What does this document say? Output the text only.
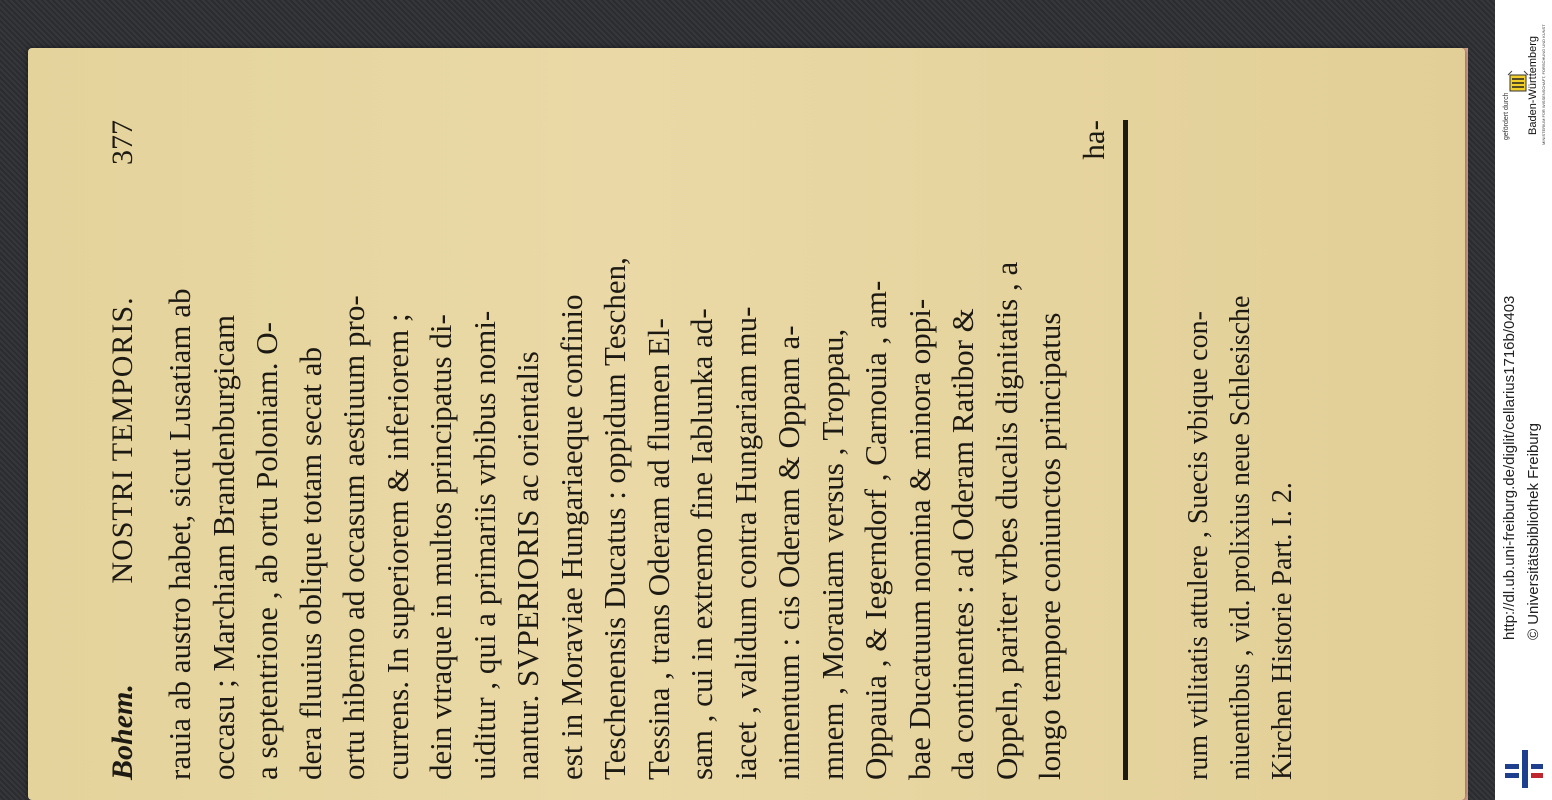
Bohem.
NOSTRI TEMPORIS.
377
rauia ab austro habet, sicut Lusatiam ab occasu ; Marchiam Brandenburgicam a septentrione , ab ortu Poloniam. O- dera fluuius oblique totam secat ab ortu hiberno ad occasum aestiuum pro- currens. In superiorem & inferiorem ; dein vtraque in multos principatus di- uiditur , qui a primariis vrbibus nomi- nantur. SVPERIORIS ac orientalis est in Moraviae Hungariaeque confinio Teschenensis Ducatus : oppidum Teschen, Tessina , trans Oderam ad flumen El- sam , cui in extremo fine Iablunka ad- iacet , validum contra Hungariam mu- nimentum : cis Oderam & Oppam a- mnem , Morauiam versus , Troppau, Oppauia , & Iegerndorf , Carnouia , am- bae Ducatuum nomina & minora oppi- da continentes : ad Oderam Ratibor & Oppeln, pariter vrbes ducalis dignitatis , a longo tempore coniunctos principatus
ha-
rum vtilitatis attulere , Suecis vbique con- niuentibus , vid. prolixius neue Schlesische Kirchen Historie Part. I. 2.	http://dl.ub.uni-freiburg.de/diglit/cellarius1716b/0403 © Universitätsbibliothek Freiburg
gefördert durch Baden-Württemberg MINISTERIUM FÜR WISSENSCHAFT, FORSCHUNG UND KUNST
